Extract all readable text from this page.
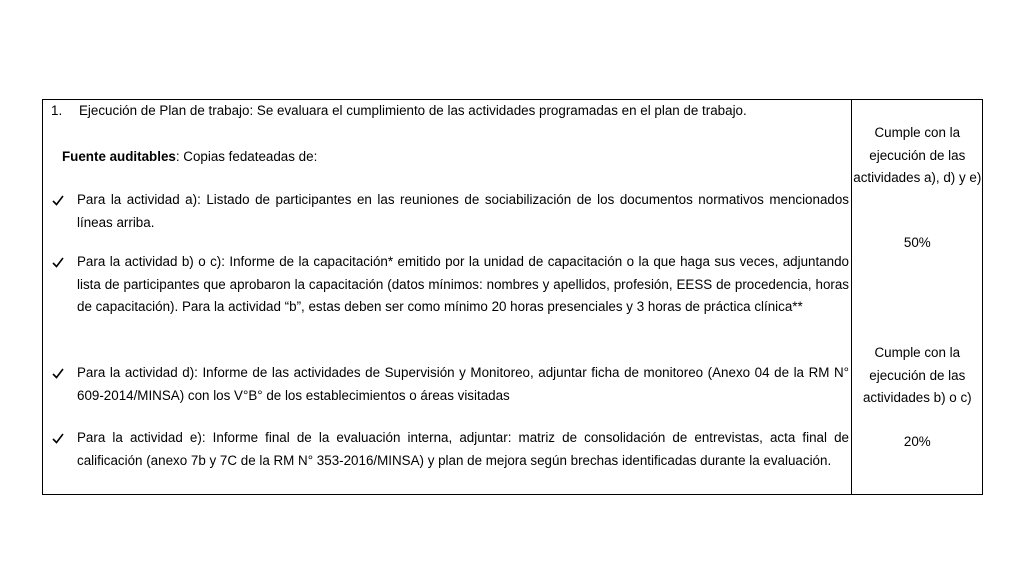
1. Ejecución de Plan de trabajo: Se evaluara el cumplimiento de las actividades programadas en el plan de trabajo.

Fuente auditables: Copias fedateadas de:

Para la actividad a): Listado de participantes en las reuniones de sociabilización de los documentos normativos mencionados líneas arriba.
Para la actividad b) o c): Informe de la capacitación* emitido por la unidad de capacitación o la que haga sus veces, adjuntando lista de participantes que aprobaron la capacitación (datos mínimos: nombres y apellidos, profesión, EESS de procedencia, horas de capacitación). Para la actividad “b”, estas deben ser como mínimo 20 horas presenciales y 3 horas de práctica clínica**
Para la actividad d): Informe de las actividades de Supervisión y Monitoreo, adjuntar ficha de monitoreo (Anexo 04 de la RM N° 609-2014/MINSA) con los V°B° de los establecimientos o áreas visitadas
Para la actividad e): Informe final de la evaluación interna, adjuntar: matriz de consolidación de entrevistas, acta final de calificación (anexo 7b y 7C de la RM N° 353-2016/MINSA) y plan de mejora según brechas identificadas durante la evaluación.
Cumple con la ejecución de las actividades a), d) y e)
50%
Cumple con la ejecución de las actividades b) o c)
20%
